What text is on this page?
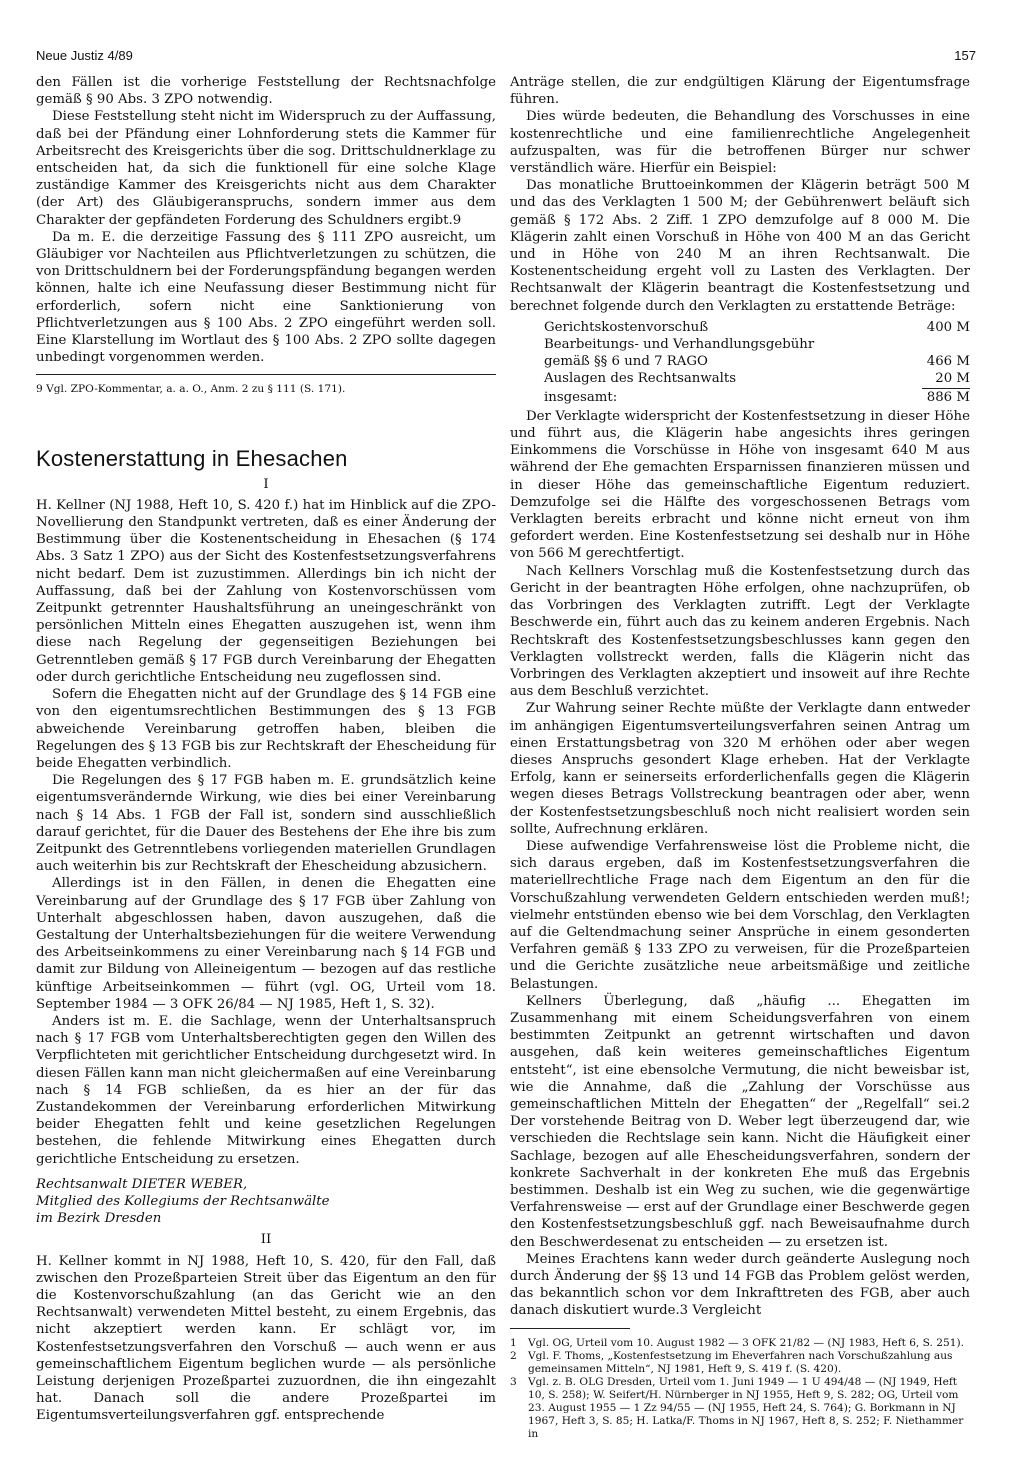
Neue Justiz 4/89	157

den Fällen ist die vorherige Feststellung der Rechtsnachfolge gemäß § 90 Abs. 3 ZPO notwendig.

Diese Feststellung steht nicht im Widerspruch zu der Auffassung, daß bei der Pfändung einer Lohnforderung stets die Kammer für Arbeitsrecht des Kreisgerichts über die sog. Drittschuldnerklage zu entscheiden hat, da sich die funktionell für eine solche Klage zuständige Kammer des Kreisgerichts nicht aus dem Charakter (der Art) des Gläubigeranspruchs, sondern immer aus dem Charakter der gepfändeten Forderung des Schuldners ergibt.9

Da m. E. die derzeitige Fassung des § 111 ZPO ausreicht, um Gläubiger vor Nachteilen aus Pflichtverletzungen zu schützen, die von Drittschuldnern bei der Forderungspfändung begangen werden können, halte ich eine Neufassung dieser Bestimmung nicht für erforderlich, sofern nicht eine Sanktionierung von Pflichtverletzungen aus § 100 Abs. 2 ZPO eingeführt werden soll. Eine Klarstellung im Wortlaut des § 100 Abs. 2 ZPO sollte dagegen unbedingt vorgenommen werden.

9 Vgl. ZPO-Kommentar, a. a. O., Anm. 2 zu § 111 (S. 171).
Kostenerstattung in Ehesachen
I

H. Kellner (NJ 1988, Heft 10, S. 420 f.) hat im Hinblick auf die ZPO-Novellierung den Standpunkt vertreten, daß es einer Änderung der Bestimmung über die Kostenentscheidung in Ehesachen (§ 174 Abs. 3 Satz 1 ZPO) aus der Sicht des Kostenfestsetzungsverfahrens nicht bedarf. Dem ist zuzustimmen. Allerdings bin ich nicht der Auffassung, daß bei der Zahlung von Kostenvorschüssen vom Zeitpunkt getrennter Haushaltsführung an uneingeschränkt von persönlichen Mitteln eines Ehegatten auszugehen ist, wenn ihm diese nach Regelung der gegenseitigen Beziehungen bei Getrenntleben gemäß § 17 FGB durch Vereinbarung der Ehegatten oder durch gerichtliche Entscheidung neu zugeflossen sind.

Sofern die Ehegatten nicht auf der Grundlage des § 14 FGB eine von den eigentumsrechtlichen Bestimmungen des § 13 FGB abweichende Vereinbarung getroffen haben, bleiben die Regelungen des § 13 FGB bis zur Rechtskraft der Ehescheidung für beide Ehegatten verbindlich.

Die Regelungen des § 17 FGB haben m. E. grundsätzlich keine eigentumsverändernde Wirkung, wie dies bei einer Vereinbarung nach § 14 Abs. 1 FGB der Fall ist, sondern sind ausschließlich darauf gerichtet, für die Dauer des Bestehens der Ehe ihre bis zum Zeitpunkt des Getrenntlebens vorliegenden materiellen Grundlagen auch weiterhin bis zur Rechtskraft der Ehescheidung abzusichern.

Allerdings ist in den Fällen, in denen die Ehegatten eine Vereinbarung auf der Grundlage des § 17 FGB über Zahlung von Unterhalt abgeschlossen haben, davon auszugehen, daß die Gestaltung der Unterhaltsbeziehungen für die weitere Verwendung des Arbeitseinkommens zu einer Vereinbarung nach § 14 FGB und damit zur Bildung von Alleineigentum — bezogen auf das restliche künftige Arbeitseinkommen — führt (vgl. OG, Urteil vom 18. September 1984 — 3 OFK 26/84 — NJ 1985, Heft 1, S. 32).

Anders ist m. E. die Sachlage, wenn der Unterhaltsanspruch nach § 17 FGB vom Unterhaltsberechtigten gegen den Willen des Verpflichteten mit gerichtlicher Entscheidung durchgesetzt wird. In diesen Fällen kann man nicht gleichermaßen auf eine Vereinbarung nach § 14 FGB schließen, da es hier an der für das Zustandekommen der Vereinbarung erforderlichen Mitwirkung beider Ehegatten fehlt und keine gesetzlichen Regelungen bestehen, die fehlende Mitwirkung eines Ehegatten durch gerichtliche Entscheidung zu ersetzen.

Rechtsanwalt DIETER WEBER,
Mitglied des Kollegiums der Rechtsanwälte
im Bezirk Dresden
II

H. Kellner kommt in NJ 1988, Heft 10, S. 420, für den Fall, daß zwischen den Prozeßparteien Streit über das Eigentum an den für die Kostenvorschußzahlung (an das Gericht wie an den Rechtsanwalt) verwendeten Mittel besteht, zu einem Ergebnis, das nicht akzeptiert werden kann. Er schlägt vor, im Kostenfestsetzungsverfahren den Vorschuß — auch wenn er aus gemeinschaftlichem Eigentum beglichen wurde — als persönliche Leistung derjenigen Prozeßpartei zuzuordnen, die ihn eingezahlt hat. Danach soll die andere Prozeßpartei im Eigentumsverteilungsverfahren ggf. entsprechende

Anträge stellen, die zur endgültigen Klärung der Eigentumsfrage führen.

Dies würde bedeuten, die Behandlung des Vorschusses in eine kostenrechtliche und eine familienrechtliche Angelegenheit aufzuspalten, was für die betroffenen Bürger nur schwer verständlich wäre. Hierfür ein Beispiel:

Das monatliche Bruttoeinkommen der Klägerin beträgt 500 M und das des Verklagten 1 500 M; der Gebührenwert beläuft sich gemäß § 172 Abs. 2 Ziff. 1 ZPO demzufolge auf 8 000 M. Die Klägerin zahlt einen Vorschuß in Höhe von 400 M an das Gericht und in Höhe von 240 M an ihren Rechtsanwalt. Die Kostenentscheidung ergeht voll zu Lasten des Verklagten. Der Rechtsanwalt der Klägerin beantragt die Kostenfestsetzung und berechnet folgende durch den Verklagten zu erstattende Beträge:

Gerichtskostenvorschuß	400 M
Bearbeitungs- und Verhandlungsgebühr
gemäß §§ 6 und 7 RAGO	466 M
Auslagen des Rechtsanwalts	20 M
insgesamt:	886 M

Der Verklagte widerspricht der Kostenfestsetzung in dieser Höhe und führt aus, die Klägerin habe angesichts ihres geringen Einkommens die Vorschüsse in Höhe von insgesamt 640 M aus während der Ehe gemachten Ersparnissen finanzieren müssen und in dieser Höhe das gemeinschaftliche Eigentum reduziert. Demzufolge sei die Hälfte des vorgeschossenen Betrags vom Verklagten bereits erbracht und könne nicht erneut von ihm gefordert werden. Eine Kostenfestsetzung sei deshalb nur in Höhe von 566 M gerechtfertigt.

Nach Kellners Vorschlag muß die Kostenfestsetzung durch das Gericht in der beantragten Höhe erfolgen, ohne nachzuprüfen, ob das Vorbringen des Verklagten zutrifft. Legt der Verklagte Beschwerde ein, führt auch das zu keinem anderen Ergebnis. Nach Rechtskraft des Kostenfestsetzungsbeschlusses kann gegen den Verklagten vollstreckt werden, falls die Klägerin nicht das Vorbringen des Verklagten akzeptiert und insoweit auf ihre Rechte aus dem Beschluß verzichtet.

Zur Wahrung seiner Rechte müßte der Verklagte dann entweder im anhängigen Eigentumsverteilungsverfahren seinen Antrag um einen Erstattungsbetrag von 320 M erhöhen oder aber wegen dieses Anspruchs gesondert Klage erheben. Hat der Verklagte Erfolg, kann er seinerseits erforderlichenfalls gegen die Klägerin wegen dieses Betrags Vollstreckung beantragen oder aber, wenn der Kostenfestsetzungsbeschluß noch nicht realisiert worden sein sollte, Aufrechnung erklären.

Diese aufwendige Verfahrensweise löst die Probleme nicht, die sich daraus ergeben, daß im Kostenfestsetzungsverfahren die materiellrechtliche Frage nach dem Eigentum an den für die Vorschußzahlung verwendeten Geldern entschieden werden muß!; vielmehr entstünden ebenso wie bei dem Vorschlag, den Verklagten auf die Geltendmachung seiner Ansprüche in einem gesonderten Verfahren gemäß § 133 ZPO zu verweisen, für die Prozeßparteien und die Gerichte zusätzliche neue arbeitsmäßige und zeitliche Belastungen.

Kellners Überlegung, daß „häufig ... Ehegatten im Zusammenhang mit einem Scheidungsverfahren von einem bestimmten Zeitpunkt an getrennt wirtschaften und davon ausgehen, daß kein weiteres gemeinschaftliches Eigentum entsteht“, ist eine ebensolche Vermutung, die nicht beweisbar ist, wie die Annahme, daß die „Zahlung der Vorschüsse aus gemeinschaftlichen Mitteln der Ehegatten“ der „Regelfall“ sei.2 Der vorstehende Beitrag von D. Weber legt überzeugend dar, wie verschieden die Rechtslage sein kann. Nicht die Häufigkeit einer Sachlage, bezogen auf alle Ehescheidungsverfahren, sondern der konkrete Sachverhalt in der konkreten Ehe muß das Ergebnis bestimmen. Deshalb ist ein Weg zu suchen, wie die gegenwärtige Verfahrensweise — erst auf der Grundlage einer Beschwerde gegen den Kostenfestsetzungsbeschluß ggf. nach Beweisaufnahme durch den Beschwerdesenat zu entscheiden — zu ersetzen ist.

Meines Erachtens kann weder durch geänderte Auslegung noch durch Änderung der §§ 13 und 14 FGB das Problem gelöst werden, das bekanntlich schon vor dem Inkrafttreten des FGB, aber auch danach diskutiert wurde.3 Vergleicht

1	Vgl. OG, Urteil vom 10. August 1982 — 3 OFK 21/82 — (NJ 1983, Heft 6, S. 251).
2	Vgl. F. Thoms, „Kostenfestsetzung im Eheverfahren nach Vorschußzahlung aus gemeinsamen Mitteln“, NJ 1981, Heft 9, S. 419 f. (S. 420).
3	Vgl. z. B. OLG Dresden, Urteil vom 1. Juni 1949 — 1 U 494/48 — (NJ 1949, Heft 10, S. 258); W. Seifert/H. Nürnberger in NJ 1955, Heft 9, S. 282; OG, Urteil vom 23. August 1955 — 1 Zz 94/55 — (NJ 1955, Heft 24, S. 764); G. Borkmann in NJ 1967, Heft 3, S. 85; H. Latka/F. Thoms in NJ 1967, Heft 8, S. 252; F. Niethammer in
